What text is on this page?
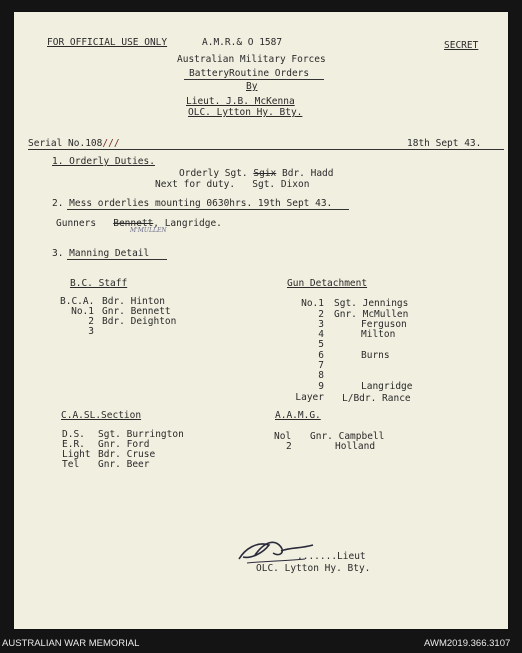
FOR OFFICIAL USE ONLY	A.M.R.& O 1587	SECRET
Australian Military Forces
BatteryRoutine Orders
By
Lieut. J.B. McKenna
OLC. Lytton Hy. Bty.
Serial No.108///	18th Sept 43.
1. Orderly Duties.
Orderly Sgt. Sgix Bdr. Hadd
Next for duty. Sgt. Dixon
2. Mess orderlies mounting 0630hrs. 19th Sept 43.
Gunners Bennett, Langridge.
M'MULLEN
3. Manning Detail
B.C. Staff
B.C.A. Bdr. Hinton
No.1 Gnr. Bennett
2 Bdr. Deighton
3
Gun Detachment
No.1 Sgt. Jennings
2 Gnr. McMullen
3	Ferguson
4	Milton
5
6	Burns
7
8
9	Langridge
Layer L/Bdr. Rance
C.A.SL.Section
D.S. Sgt. Burrington
E.R. Gnr. Ford
Light Bdr. Cruse
Tel Gnr. Beer
A.A.M.G.
Nol Gnr. Campbell
2	Holland
.......Lieut
OLC. Lytton Hy. Bty.
AUSTRALIAN WAR MEMORIAL	AWM2019.366.3107
